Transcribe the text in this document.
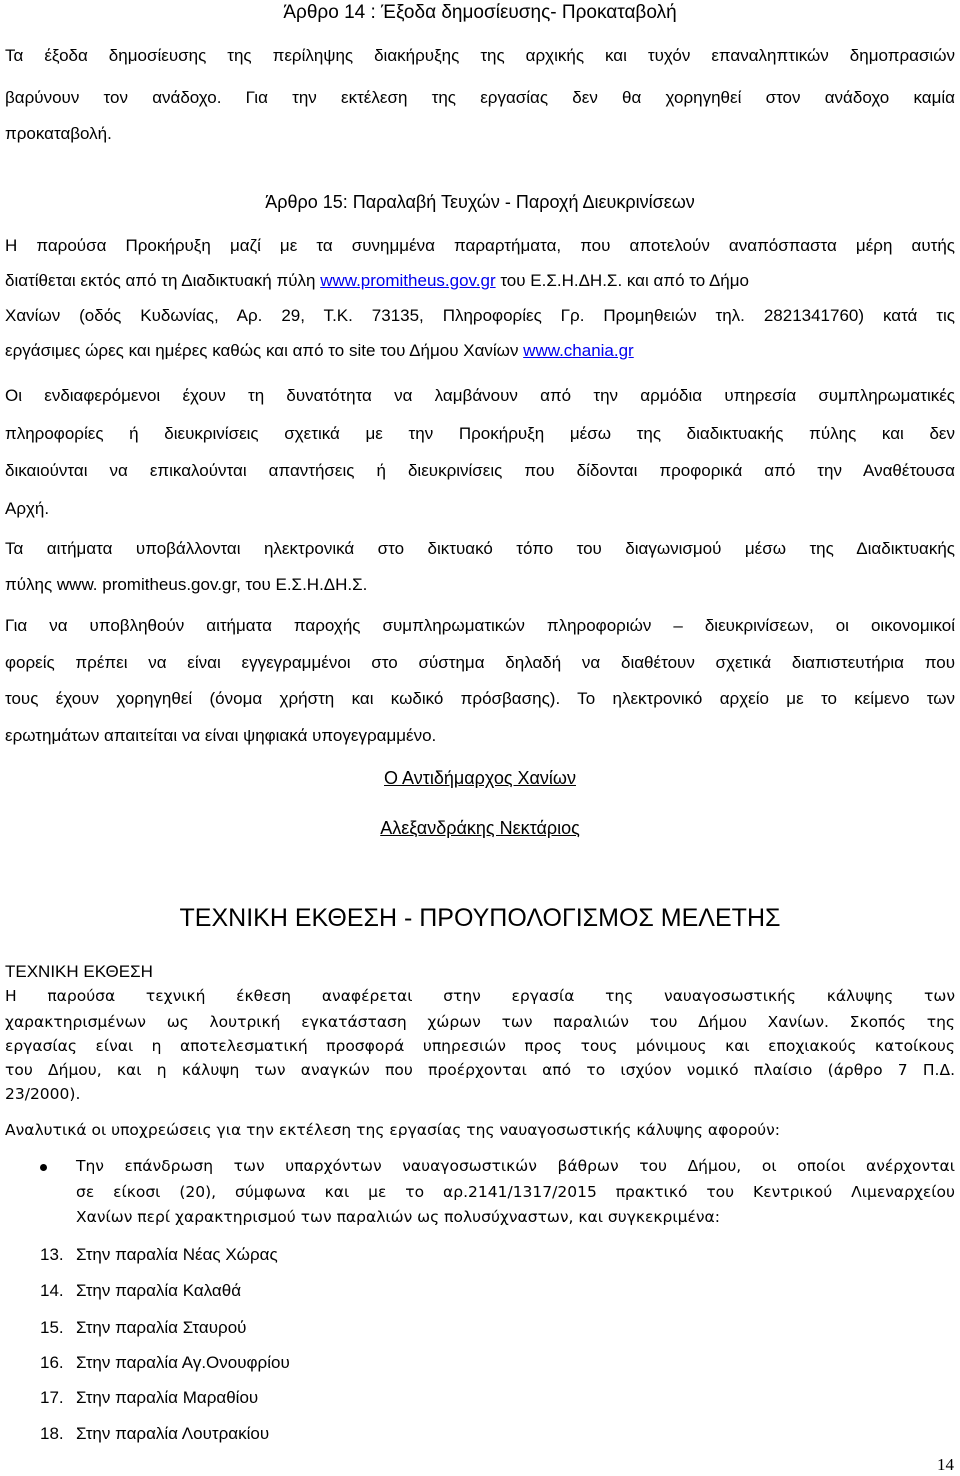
Άρθρο 14 : Έξοδα δημοσίευσης- Προκαταβολή
Τα έξοδα δημοσίευσης της περίληψης διακήρυξης της αρχικής και τυχόν επαναληπτικών δημοπρασιών
βαρύνουν τον ανάδοχο. Για την εκτέλεση της εργασίας δεν θα χορηγηθεί στον ανάδοχο καμία
προκαταβολή.
Άρθρο 15: Παραλαβή Τευχών - Παροχή Διευκρινίσεων
Η παρούσα Προκήρυξη μαζί με τα συνημμένα παραρτήματα, που αποτελούν αναπόσπαστα μέρη αυτής
διατίθεται εκτός από τη Διαδικτυακή πύλη www.promitheus.gov.gr του Ε.Σ.Η.ΔΗ.Σ. και από το Δήμο
Χανίων (οδός Κυδωνίας, Αρ. 29, Τ.Κ. 73135, Πληροφορίες Γρ. Προμηθειών τηλ. 2821341760) κατά τις
εργάσιμες ώρες και ημέρες καθώς και από το site του Δήμου Χανίων www.chania.gr
Οι ενδιαφερόμενοι έχουν τη δυνατότητα να λαμβάνουν από την αρμόδια υπηρεσία συμπληρωματικές
πληροφορίες ή διευκρινίσεις σχετικά με την Προκήρυξη μέσω της διαδικτυακής πύλης και δεν
δικαιούνται να επικαλούνται απαντήσεις ή διευκρινίσεις που δίδονται προφορικά από την Αναθέτουσα
Αρχή.
Τα αιτήματα υποβάλλονται ηλεκτρονικά στο δικτυακό τόπο του διαγωνισμού μέσω της Διαδικτυακής
πύλης www. promitheus.gov.gr, του Ε.Σ.Η.ΔΗ.Σ.
Για να υποβληθούν αιτήματα παροχής συμπληρωματικών πληροφοριών – διευκρινίσεων, οι οικονομικοί
φορείς πρέπει να είναι εγγεγραμμένοι στο σύστημα δηλαδή να διαθέτουν σχετικά διαπιστευτήρια που
τους έχουν χορηγηθεί (όνομα χρήστη και κωδικό πρόσβασης). Το ηλεκτρονικό αρχείο με το κείμενο των
ερωτημάτων απαιτείται να είναι ψηφιακά υπογεγραμμένο.
Ο Αντιδήμαρχος Χανίων
Αλεξανδράκης Νεκτάριος
ΤΕΧΝΙΚΗ ΕΚΘΕΣΗ - ΠΡΟΥΠΟΛΟΓΙΣΜΟΣ ΜΕΛΕΤΗΣ
ΤΕΧΝΙΚΗ ΕΚΘΕΣΗ
Η παρούσα τεχνική έκθεση αναφέρεται στην εργασία της ναυαγοσωστικής κάλυψης των
χαρακτηρισμένων ως λουτρική εγκατάσταση χώρων των παραλιών του Δήμου Χανίων. Σκοπός της
εργασίας είναι η αποτελεσματική προσφορά υπηρεσιών προς τους μόνιμους και εποχιακούς κατοίκους
του Δήμου, και η κάλυψη των αναγκών που προέρχονται από το ισχύον νομικό πλαίσιο (άρθρο 7 Π.Δ.
23/2000).
Αναλυτικά οι υποχρεώσεις για την εκτέλεση της εργασίας της ναυαγοσωστικής κάλυψης αφορούν:
Την επάνδρωση των υπαρχόντων ναυαγοσωστικών βάθρων του Δήμου, οι οποίοι ανέρχονται
σε είκοσι (20), σύμφωνα και με το αρ.2141/1317/2015 πρακτικό του Κεντρικού Λιμεναρχείου
Χανίων περί χαρακτηρισμού των παραλιών ως πολυσύχναστων, και συγκεκριμένα:
13. Στην παραλία Νέας Χώρας
14. Στην παραλία Καλαθά
15. Στην παραλία Σταυρού
16. Στην παραλία Αγ.Ονουφρίου
17. Στην παραλία Μαραθίου
18. Στην παραλία Λουτρακίου
14
